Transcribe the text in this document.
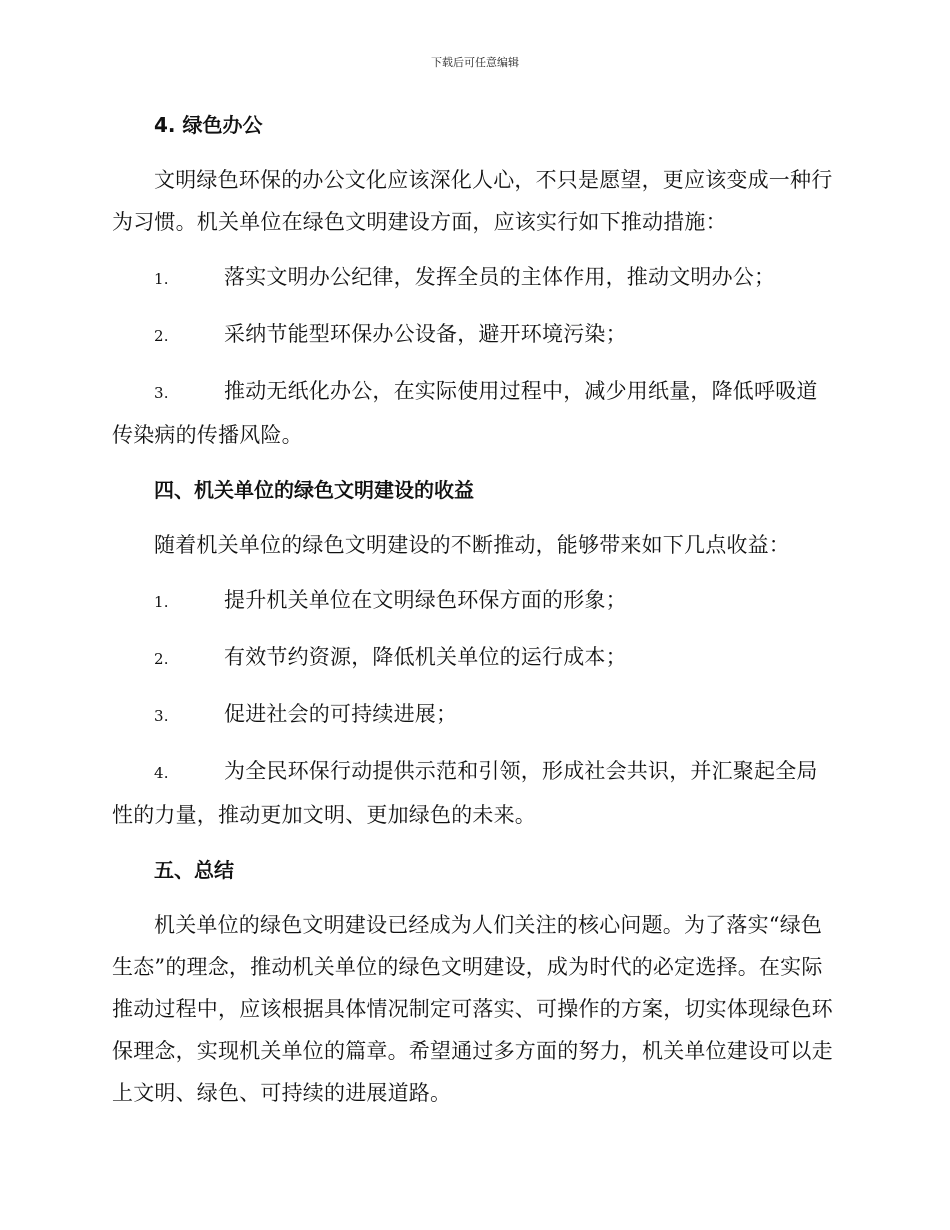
下载后可任意编辑
4. 绿色办公
文明绿色环保的办公文化应该深化人心，不只是愿望，更应该变成一种行为习惯。机关单位在绿色文明建设方面，应该实行如下推动措施：
1.	落实文明办公纪律，发挥全员的主体作用，推动文明办公；
2.	采纳节能型环保办公设备，避开环境污染；
3.	推动无纸化办公，在实际使用过程中，减少用纸量，降低呼吸道传染病的传播风险。
四、机关单位的绿色文明建设的收益
随着机关单位的绿色文明建设的不断推动，能够带来如下几点收益：
1.	提升机关单位在文明绿色环保方面的形象；
2.	有效节约资源，降低机关单位的运行成本；
3.	促进社会的可持续进展；
4.	为全民环保行动提供示范和引领，形成社会共识，并汇聚起全局性的力量，推动更加文明、更加绿色的未来。
五、总结
机关单位的绿色文明建设已经成为人们关注的核心问题。为了落实“绿色生态”的理念，推动机关单位的绿色文明建设，成为时代的必定选择。在实际推动过程中，应该根据具体情况制定可落实、可操作的方案，切实体现绿色环保理念，实现机关单位的篇章。希望通过多方面的努力，机关单位建设可以走上文明、绿色、可持续的进展道路。
